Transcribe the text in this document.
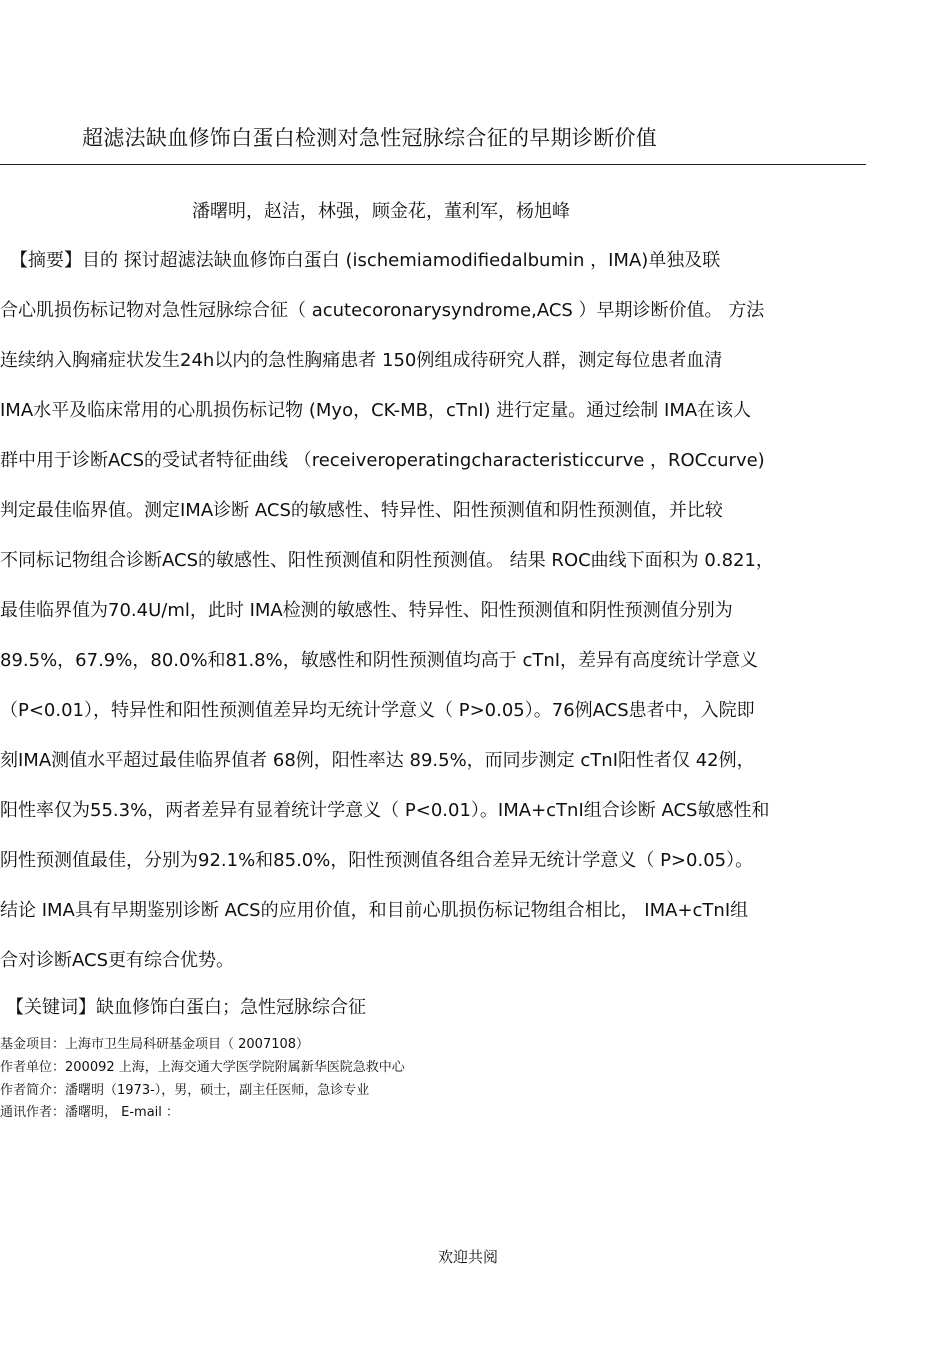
超滤法缺血修饰白蛋白检测对急性冠脉综合征的早期诊断价值
潘曙明，赵洁，林强，顾金花，董利军，杨旭峰
【摘要】目的 探讨超滤法缺血修饰白蛋白 (ischemiamodifiedalbumin ，IMA)单独及联
合心肌损伤标记物对急性冠脉综合征（ acutecoronarysyndrome,ACS ）早期诊断价值。 方法
连续纳入胸痛症状发生24h以内的急性胸痛患者 150例组成待研究人群，测定每位患者血清
IMA水平及临床常用的心肌损伤标记物 (Myo，CK-MB，cTnI) 进行定量。通过绘制 IMA在该人
群中用于诊断ACS的受试者特征曲线 （receiveroperatingcharacteristiccurve ，ROCcurve)
判定最佳临界值。测定IMA诊断 ACS的敏感性、特异性、阳性预测值和阴性预测值，并比较
不同标记物组合诊断ACS的敏感性、阳性预测值和阴性预测值。 结果 ROC曲线下面积为 0.821，
最佳临界值为70.4U/ml，此时 IMA检测的敏感性、特异性、阳性预测值和阴性预测值分别为
89.5%，67.9%，80.0%和81.8%，敏感性和阴性预测值均高于 cTnI，差异有高度统计学意义
（P<0.01），特异性和阳性预测值差异均无统计学意义（ P>0.05）。76例ACS患者中，入院即
刻IMA测值水平超过最佳临界值者 68例，阳性率达 89.5%，而同步测定 cTnI阳性者仅 42例，
阳性率仅为55.3%，两者差异有显着统计学意义（ P<0.01）。IMA+cTnI组合诊断 ACS敏感性和
阴性预测值最佳，分别为92.1%和85.0%，阳性预测值各组合差异无统计学意义（ P>0.05）。
结论 IMA具有早期鉴别诊断 ACS的应用价值，和目前心肌损伤标记物组合相比， IMA+cTnI组
合对诊断ACS更有综合优势。
【关键词】缺血修饰白蛋白；急性冠脉综合征
基金项目：上海市卫生局科研基金项目（ 2007108）
作者单位：200092 上海，上海交通大学医学院附属新华医院急救中心
作者简介：潘曙明（1973-），男，硕士，副主任医师，急诊专业
通讯作者：潘曙明， E-mail ：
欢迎共阅
